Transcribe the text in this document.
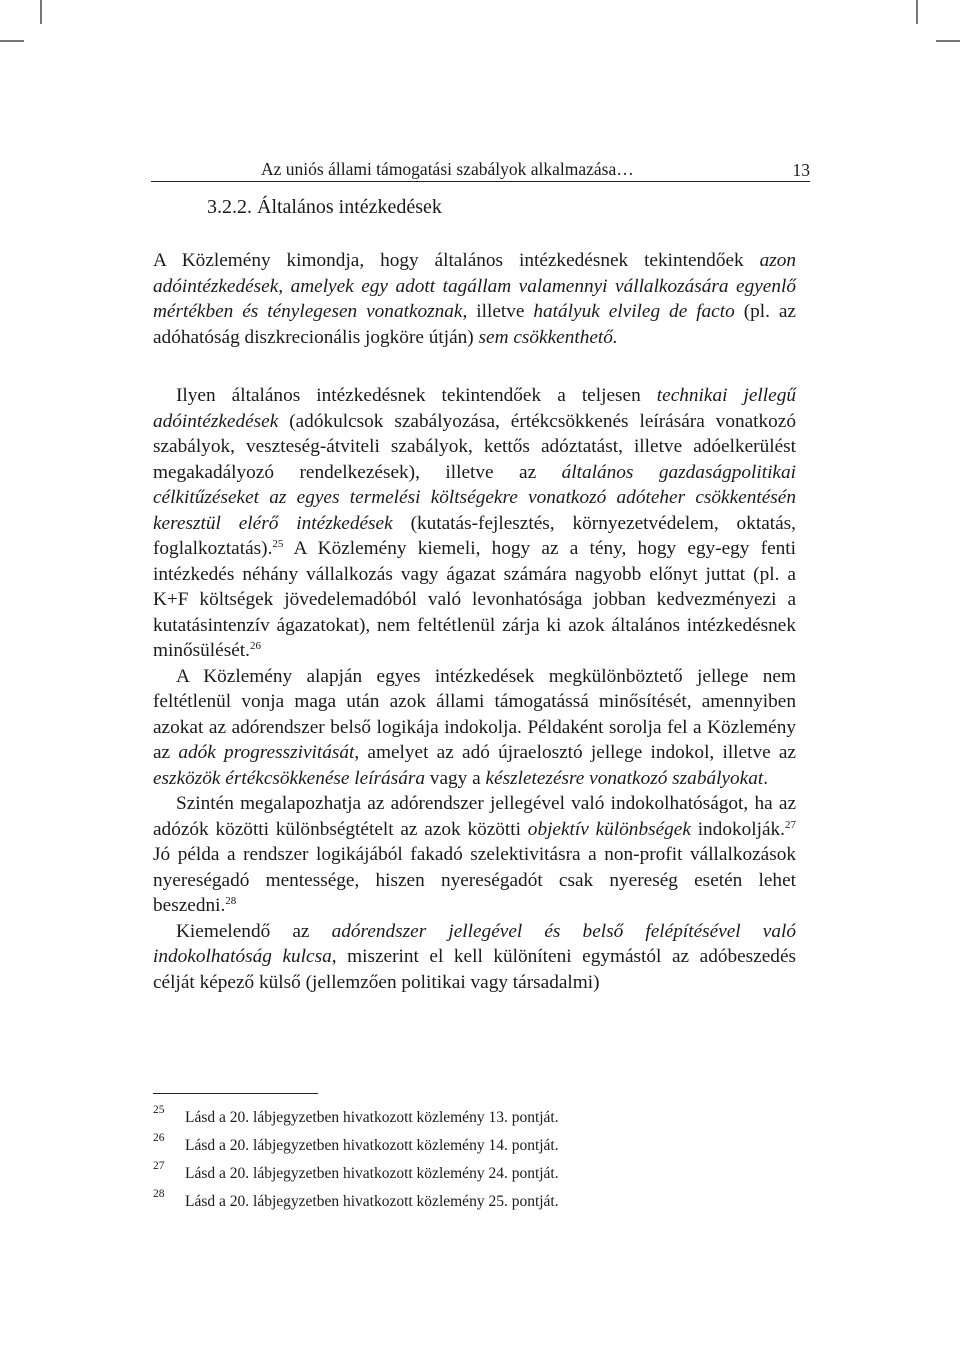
Az uniós állami támogatási szabályok alkalmazása…	13
3.2.2. Általános intézkedések

A Közlemény kimondja, hogy általános intézkedésnek tekintendőek azon adóintézkedések, amelyek egy adott tagállam valamennyi vállalkozására egyenlő mértékben és ténylegesen vonatkoznak, illetve hatályuk elvileg de facto (pl. az adóhatóság diszkrecionális jogköre útján) sem csökkenthető.

Ilyen általános intézkedésnek tekintendőek a teljesen technikai jellegű adóintézkedések (adókulcsok szabályozása, értékcsökkenés leírására vonatkozó szabályok, veszteség-átviteli szabályok, kettős adóztatást, illetve adóelkerülést megakadályozó rendelkezések), illetve az általános gazdaságpolitikai célkitűzéseket az egyes termelési költségekre vonatkozó adóteher csökkentésén keresztül elérő intézkedések (kutatás-fejlesztés, környezetvédelem, oktatás, foglalkoztatás).$^{25}$ A Közlemény kiemeli, hogy az a tény, hogy egy-egy fenti intézkedés néhány vállalkozás vagy ágazat számára nagyobb előnyt juttat (pl. a K+F költségek jövedelemadóból való levonhatósága jobban kedvezményezi a kutatásintenzív ágazatokat), nem feltétlenül zárja ki azok általános intézkedésnek minősülését.$^{26}$

A Közlemény alapján egyes intézkedések megkülönböztető jellege nem feltétlenül vonja maga után azok állami támogatássá minősítését, amennyiben azokat az adórendszer belső logikája indokolja. Példaként sorolja fel a Közlemény az adók progresszivitását, amelyet az adó újraelosztó jellege indokol, illetve az eszközök értékcsökkenése leírására vagy a készletezésre vonatkozó szabályokat.

Szintén megalapozhatja az adórendszer jellegével való indokolhatóságot, ha az adózók közötti különbségtételt az azok közötti objektív különbségek indokolják.$^{27}$ Jó példa a rendszer logikájából fakadó szelektivitásra a non-profit vállalkozások nyereségadó mentessége, hiszen nyereségadót csak nyereség esetén lehet beszedni.$^{28}$

Kiemelendő az adórendszer jellegével és belső felépítésével való indokolhatóság kulcsa, miszerint el kell különíteni egymástól az adóbeszedés célját képező külső (jellemzően politikai vagy társadalmi)

25 Lásd a 20. lábjegyzetben hivatkozott közlemény 13. pontját.
26 Lásd a 20. lábjegyzetben hivatkozott közlemény 14. pontját.
27 Lásd a 20. lábjegyzetben hivatkozott közlemény 24. pontját.
28 Lásd a 20. lábjegyzetben hivatkozott közlemény 25. pontját.
